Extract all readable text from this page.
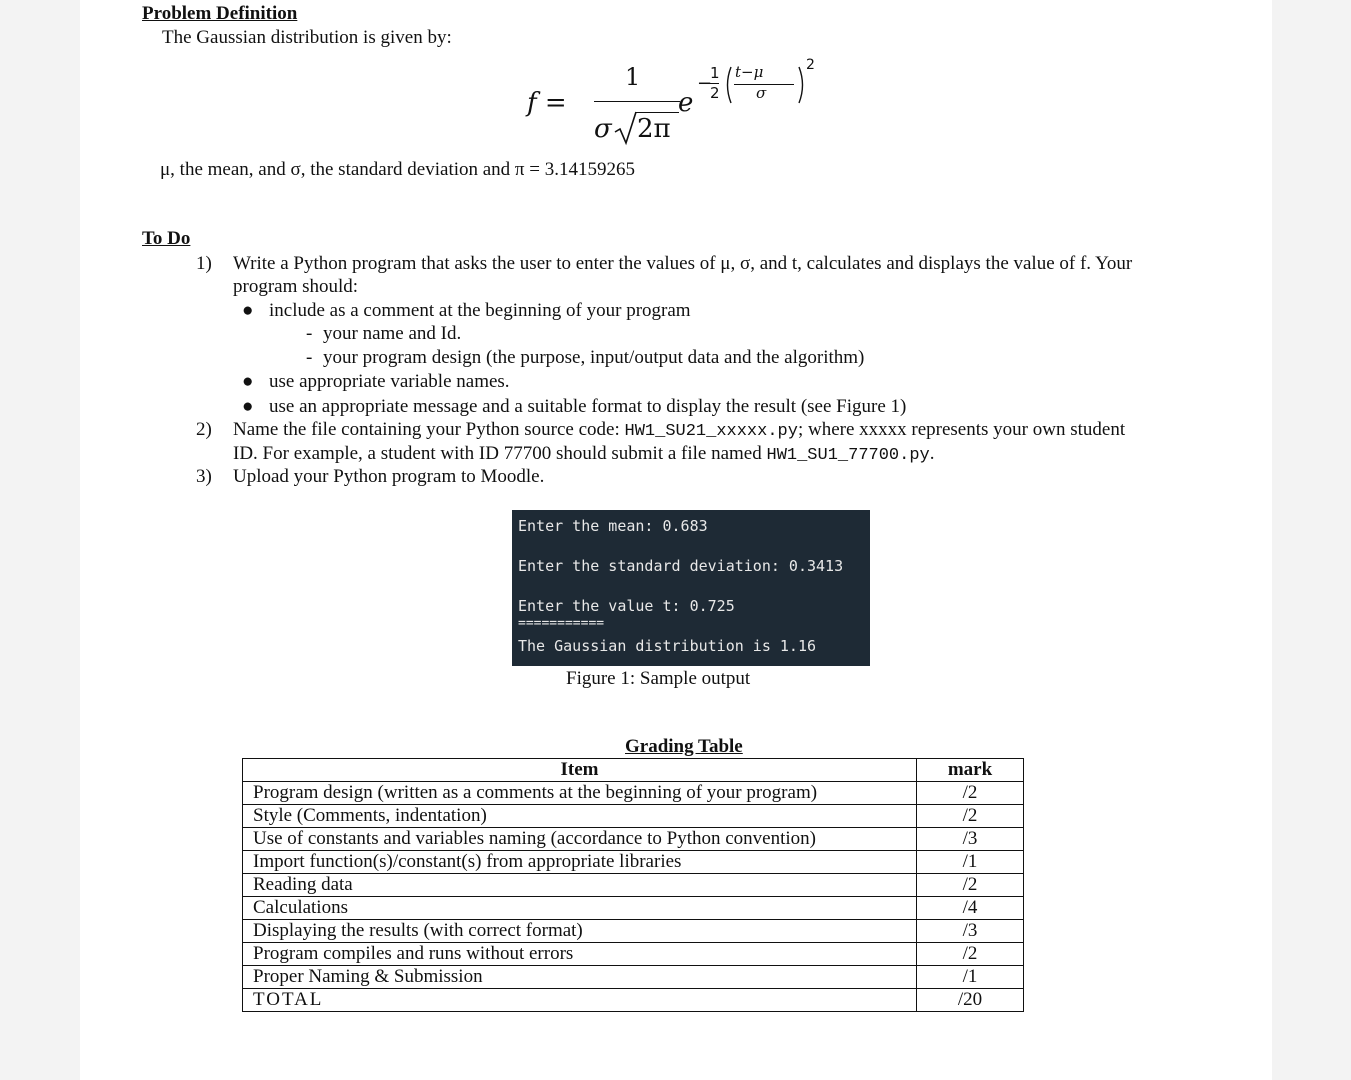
Problem Definition
The Gaussian distribution is given by:
f =
1
σ 2π
e
−
1
2
t−μ
σ
2
μ, the mean, and σ, the standard deviation and π = 3.14159265
To Do
1) Write a Python program that asks the user to enter the values of μ, σ, and t, calculates and displays the value of f. Your
program should:
● include as a comment at the beginning of your program
- your name and Id.
- your program design (the purpose, input/output data and the algorithm)
● use appropriate variable names.
● use an appropriate message and a suitable format to display the result (see Figure 1)
2) Name the file containing your Python source code: HW1_SU21_xxxxx.py; where xxxxx represents your own student
ID. For example, a student with ID 77700 should submit a file named HW1_SU1_77700.py.
3) Upload your Python program to Moodle.
Enter the mean: 0.683
Enter the standard deviation: 0.3413
Enter the value t: 0.725
===========
The Gaussian distribution is 1.16
Figure 1: Sample output
Grading Table
Item	mark
Program design (written as a comments at the beginning of your program)	/2
Style (Comments, indentation)	/2
Use of constants and variables naming (accordance to Python convention)	/3
Import function(s)/constant(s) from appropriate libraries	/1
Reading data	/2
Calculations	/4
Displaying the results (with correct format)	/3
Program compiles and runs without errors	/2
Proper Naming & Submission	/1
TOTAL	/20
